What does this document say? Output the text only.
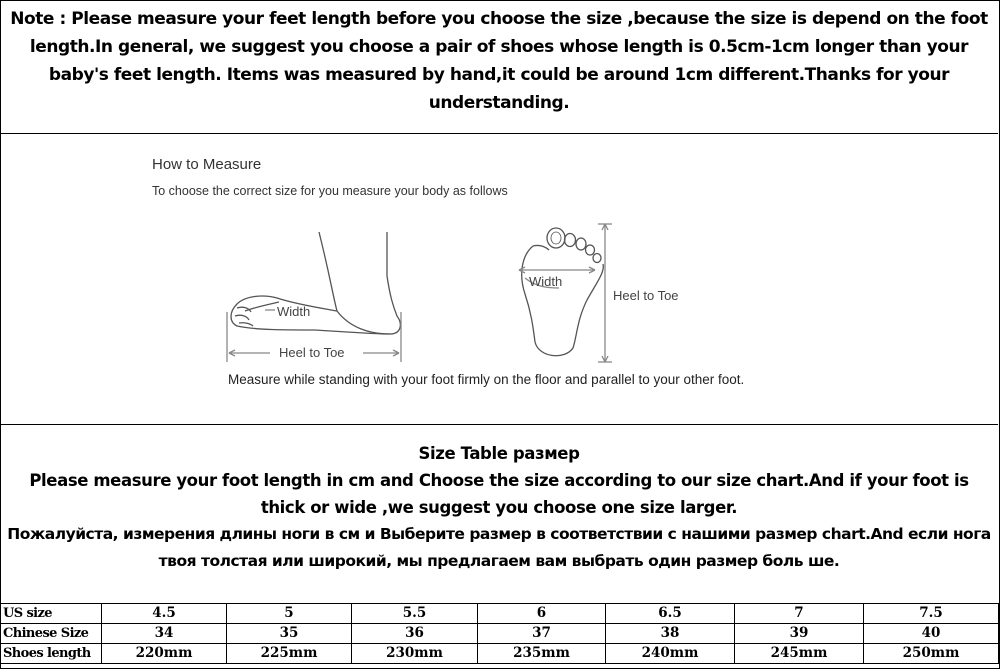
Note : Please measure your feet length before you choose the size ,because the size is depend on the foot length.In general, we suggest you choose a pair of shoes whose length is 0.5cm-1cm longer than your baby's feet length. Items was measured by hand,it could be around 1cm different.Thanks for your understanding.
How to Measure
To choose the correct size for you measure your body as follows
Width
Heel to Toe
Width
Heel to Toe
Measure while standing with your foot firmly on the floor and parallel to your other foot.
Size Table размер
Please measure your foot length in cm and Choose the size according to our size chart.And if your foot is thick or wide ,we suggest you choose one size larger.
Пожалуйста, измерения длины ноги в см и Выберите размер в соответствии с нашими размер chart.And если нога твоя толстая или широкий, мы предлагаем вам выбрать один размер боль ше.
US size	4.5	5	5.5	6	6.5	7	7.5
Chinese Size	34	35	36	37	38	39	40
Shoes length	220mm	225mm	230mm	235mm	240mm	245mm	250mm
